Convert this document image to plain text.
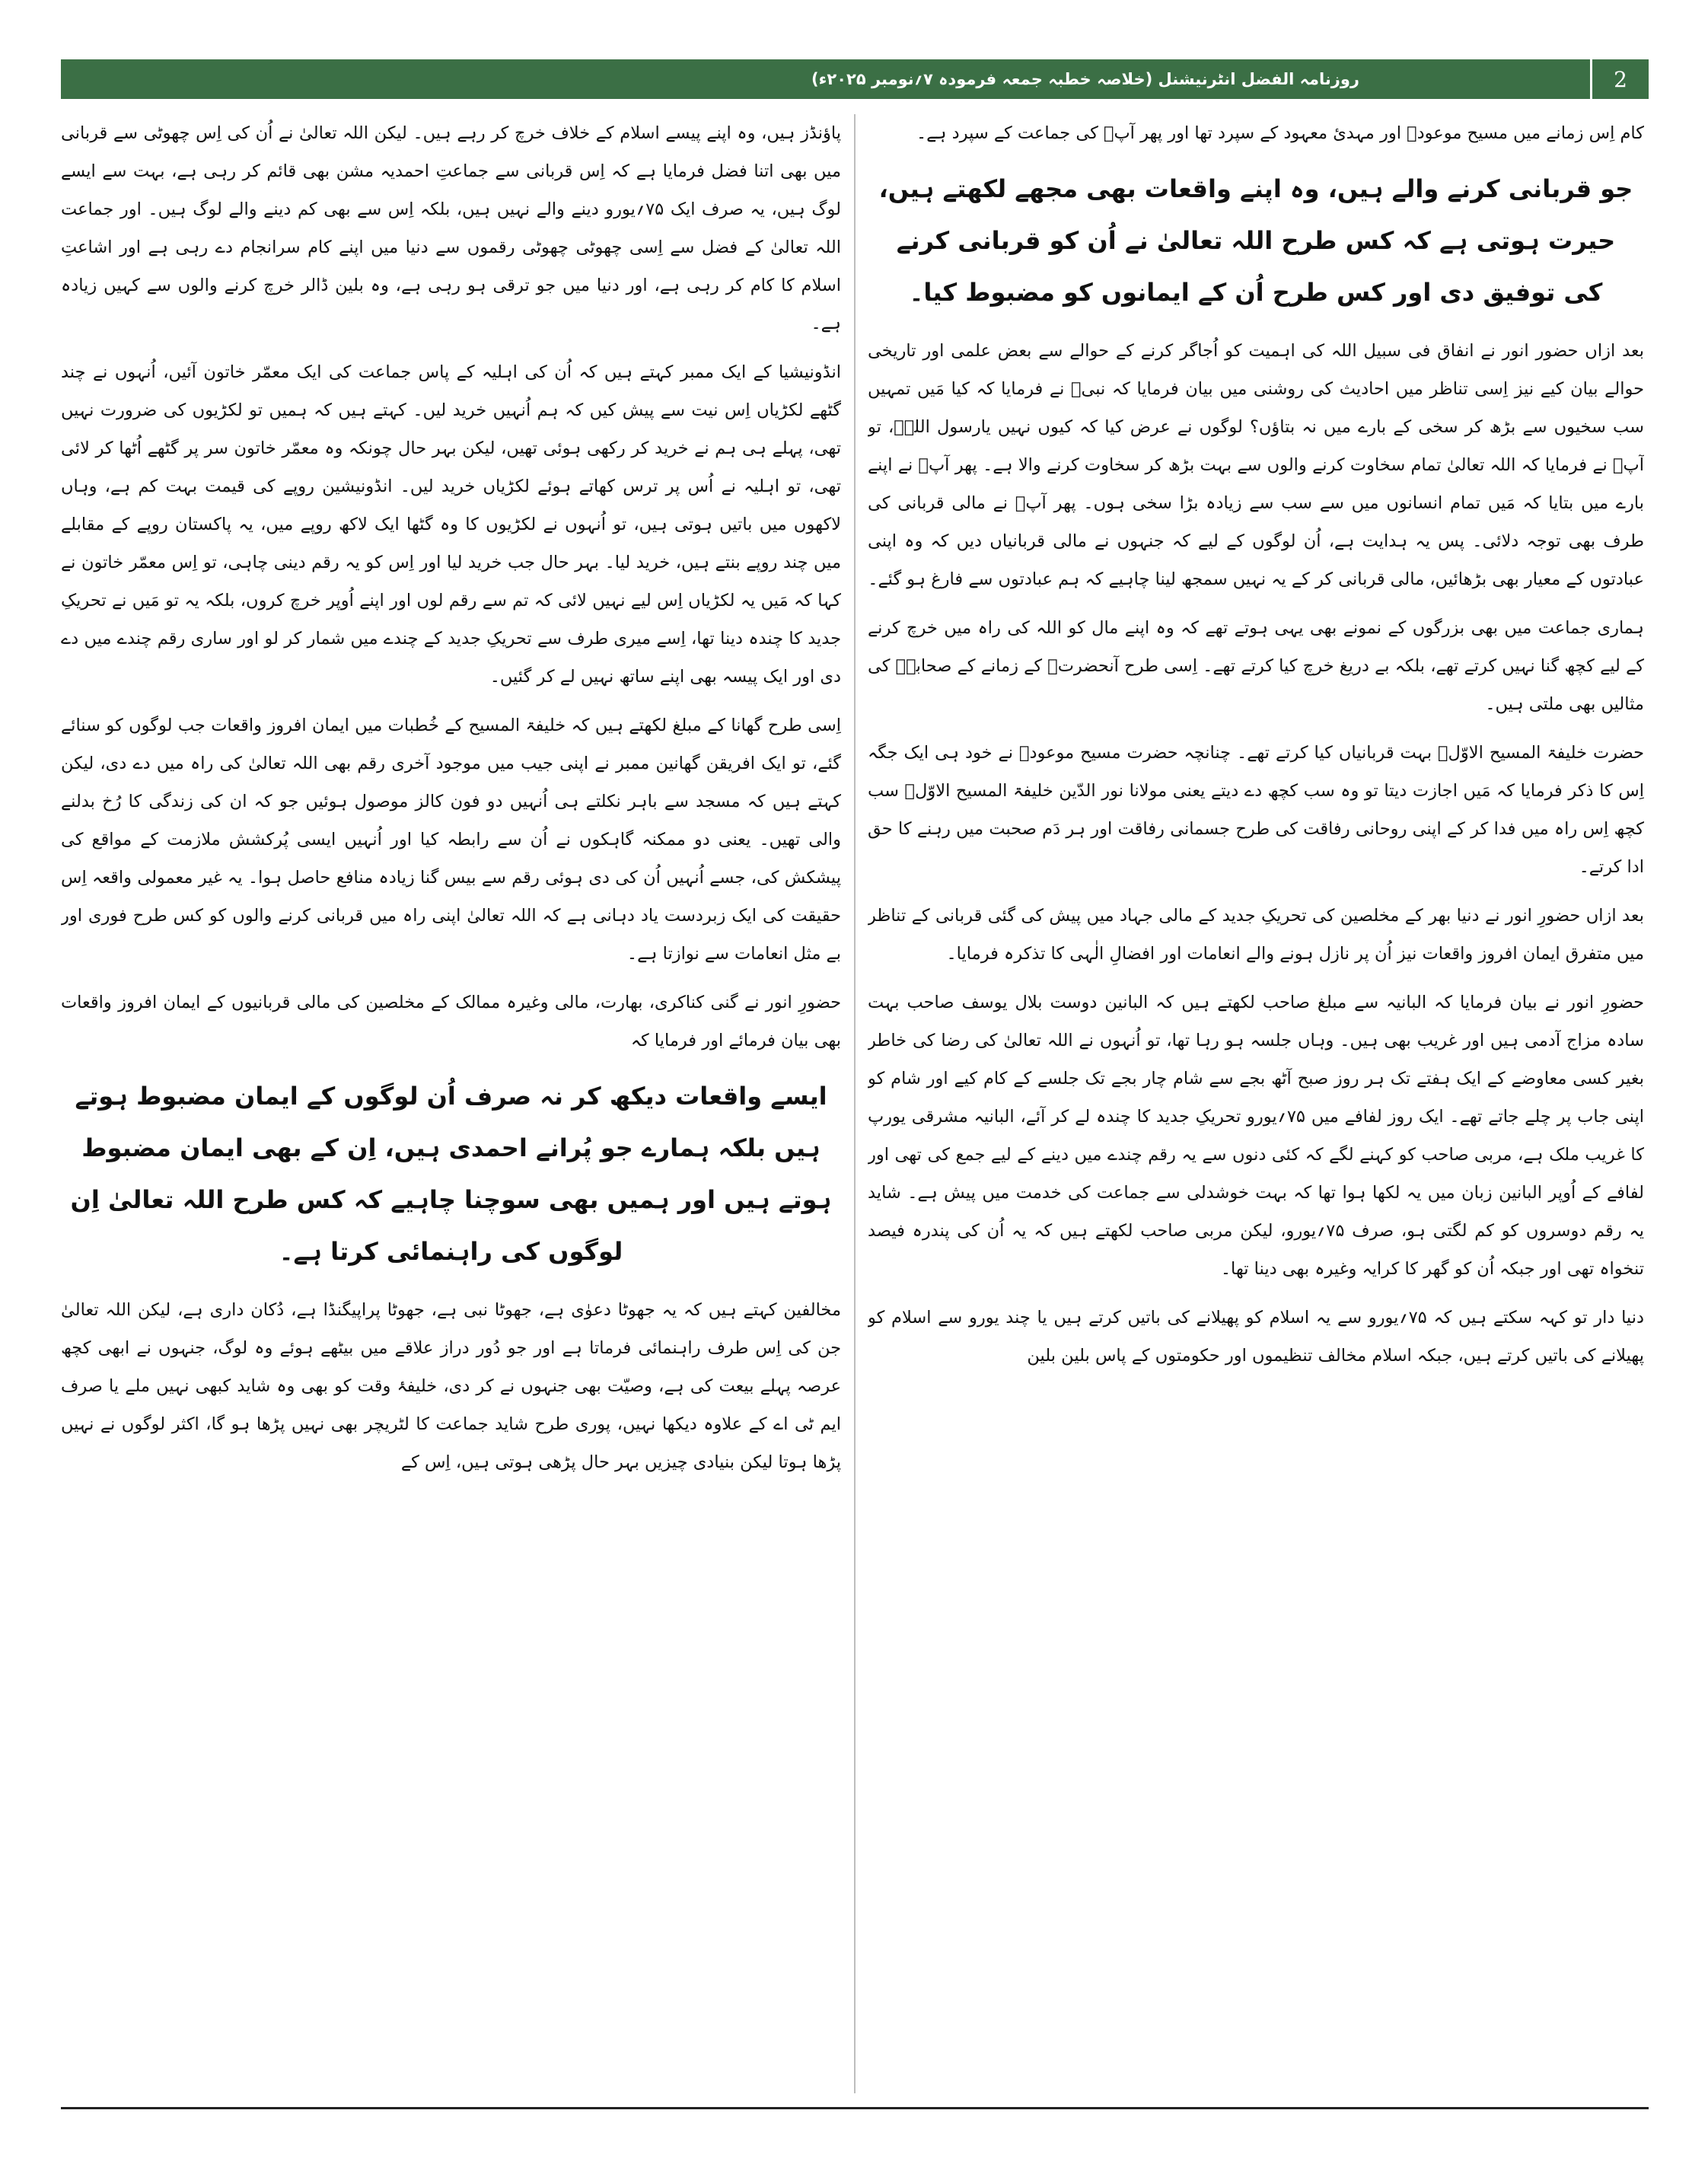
2
روزنامہ الفضل انٹرنیشنل (خلاصہ خطبہ جمعہ فرمودہ ۷؍نومبر ۲۰۲۵ء)

کام اِس زمانے میں مسیح موعودؑ اور مہدئ معہود کے سپرد تھا اور پھر آپؑ کی جماعت کے سپرد ہے۔

جو قربانی کرنے والے ہیں، وہ اپنے واقعات بھی مجھے لکھتے ہیں، حیرت ہوتی ہے کہ کس طرح اللہ تعالیٰ نے اُن کو قربانی کرنے کی توفیق دی اور کس طرح اُن کے ایمانوں کو مضبوط کیا۔

بعد ازاں حضور انور نے انفاق فی سبیل اللہ کی اہمیت کو اُجاگر کرنے کے حوالے سے بعض علمی اور تاریخی حوالے بیان کیے نیز اِسی تناظر میں احادیث کی روشنی میں بیان فرمایا کہ نبیؐ نے فرمایا کہ کیا مَیں تمہیں سب سخیوں سے بڑھ کر سخی کے بارے میں نہ بتاؤں؟ لوگوں نے عرض کیا کہ کیوں نہیں یارسول اللہؐ، تو آپؐ نے فرمایا کہ اللہ تعالیٰ تمام سخاوت کرنے والوں سے بہت بڑھ کر سخاوت کرنے والا ہے۔ پھر آپؐ نے اپنے بارے میں بتایا کہ مَیں تمام انسانوں میں سے سب سے زیادہ بڑا سخی ہوں۔ پھر آپؐ نے مالی قربانی کی طرف بھی توجہ دلائی۔ پس یہ ہدایت ہے، اُن لوگوں کے لیے کہ جنہوں نے مالی قربانیاں دیں کہ وہ اپنی عبادتوں کے معیار بھی بڑھائیں، مالی قربانی کر کے یہ نہیں سمجھ لینا چاہیے کہ ہم عبادتوں سے فارغ ہو گئے۔

ہماری جماعت میں بھی بزرگوں کے نمونے بھی یہی ہوتے تھے کہ وہ اپنے مال کو اللہ کی راہ میں خرچ کرنے کے لیے کچھ گنا نہیں کرتے تھے، بلکہ بے دریغ خرچ کیا کرتے تھے۔ اِسی طرح آنحضرتؐ کے زمانے کے صحابہؓ کی مثالیں بھی ملتی ہیں۔

حضرت خلیفۃ المسیح الاوّلؓ بہت قربانیاں کیا کرتے تھے۔ چنانچہ حضرت مسیح موعودؑ نے خود ہی ایک جگہ اِس کا ذکر فرمایا کہ مَیں اجازت دیتا تو وہ سب کچھ دے دیتے یعنی مولانا نور الدّین خلیفۃ المسیح الاوّلؓ سب کچھ اِس راہ میں فدا کر کے اپنی روحانی رفاقت کی طرح جسمانی رفاقت اور ہر دَم صحبت میں رہنے کا حق ادا کرتے۔

بعد ازاں حضورِ انور نے دنیا بھر کے مخلصین کی تحریکِ جدید کے مالی جہاد میں پیش کی گئی قربانی کے تناظر میں متفرق ایمان افروز واقعات نیز اُن پر نازل ہونے والے انعامات اور افضالِ الٰہی کا تذکرہ فرمایا۔

حضورِ انور نے بیان فرمایا کہ البانیہ سے مبلغ صاحب لکھتے ہیں کہ البانین دوست بلال یوسف صاحب بہت سادہ مزاج آدمی ہیں اور غریب بھی ہیں۔ وہاں جلسہ ہو رہا تھا، تو اُنہوں نے اللہ تعالیٰ کی رضا کی خاطر بغیر کسی معاوضے کے ایک ہفتے تک ہر روز صبح آٹھ بجے سے شام چار بجے تک جلسے کے کام کیے اور شام کو اپنی جاب پر چلے جاتے تھے۔ ایک روز لفافے میں ۷۵؍یورو تحریکِ جدید کا چندہ لے کر آئے، البانیہ مشرقی یورپ کا غریب ملک ہے، مربی صاحب کو کہنے لگے کہ کئی دنوں سے یہ رقم چندے میں دینے کے لیے جمع کی تھی اور لفافے کے اُوپر البانین زبان میں یہ لکھا ہوا تھا کہ بہت خوشدلی سے جماعت کی خدمت میں پیش ہے۔ شاید یہ رقم دوسروں کو کم لگتی ہو، صرف ۷۵؍یورو، لیکن مربی صاحب لکھتے ہیں کہ یہ اُن کی پندرہ فیصد تنخواہ تھی اور جبکہ اُن کو گھر کا کرایہ وغیرہ بھی دینا تھا۔

دنیا دار تو کہہ سکتے ہیں کہ ۷۵؍یورو سے یہ اسلام کو پھیلانے کی باتیں کرتے ہیں یا چند یورو سے اسلام کو پھیلانے کی باتیں کرتے ہیں، جبکہ اسلام مخالف تنظیموں اور حکومتوں کے پاس بلین بلین

پاؤنڈز ہیں، وہ اپنے پیسے اسلام کے خلاف خرچ کر رہے ہیں۔ لیکن اللہ تعالیٰ نے اُن کی اِس چھوٹی سے قربانی میں بھی اتنا فضل فرمایا ہے کہ اِس قربانی سے جماعتِ احمدیہ مشن بھی قائم کر رہی ہے، بہت سے ایسے لوگ ہیں، یہ صرف ایک ۷۵؍یورو دینے والے نہیں ہیں، بلکہ اِس سے بھی کم دینے والے لوگ ہیں۔ اور جماعت اللہ تعالیٰ کے فضل سے اِسی چھوٹی چھوٹی رقموں سے دنیا میں اپنے کام سرانجام دے رہی ہے اور اشاعتِ اسلام کا کام کر رہی ہے، اور دنیا میں جو ترقی ہو رہی ہے، وہ بلین ڈالر خرچ کرنے والوں سے کہیں زیادہ ہے۔

انڈونیشیا کے ایک ممبر کہتے ہیں کہ اُن کی اہلیہ کے پاس جماعت کی ایک معمّر خاتون آئیں، اُنہوں نے چند گٹھے لکڑیاں اِس نیت سے پیش کیں کہ ہم اُنہیں خرید لیں۔ کہتے ہیں کہ ہمیں تو لکڑیوں کی ضرورت نہیں تھی، پہلے ہی ہم نے خرید کر رکھی ہوئی تھیں، لیکن بہر حال چونکہ وہ معمّر خاتون سر پر گٹھے اُٹھا کر لائی تھی، تو اہلیہ نے اُس پر ترس کھاتے ہوئے لکڑیاں خرید لیں۔ انڈونیشین روپے کی قیمت بہت کم ہے، وہاں لاکھوں میں باتیں ہوتی ہیں، تو اُنہوں نے لکڑیوں کا وہ گٹھا ایک لاکھ روپے میں، یہ پاکستان روپے کے مقابلے میں چند روپے بنتے ہیں، خرید لیا۔ بہر حال جب خرید لیا اور اِس کو یہ رقم دینی چاہی، تو اِس معمّر خاتون نے کہا کہ مَیں یہ لکڑیاں اِس لیے نہیں لائی کہ تم سے رقم لوں اور اپنے اُوپر خرچ کروں، بلکہ یہ تو مَیں نے تحریکِ جدید کا چندہ دینا تھا، اِسے میری طرف سے تحریکِ جدید کے چندے میں شمار کر لو اور ساری رقم چندے میں دے دی اور ایک پیسہ بھی اپنے ساتھ نہیں لے کر گئیں۔

اِسی طرح گھانا کے مبلغ لکھتے ہیں کہ خلیفۃ المسیح کے خُطبات میں ایمان افروز واقعات جب لوگوں کو سنائے گئے، تو ایک افریقن گھانین ممبر نے اپنی جیب میں موجود آخری رقم بھی اللہ تعالیٰ کی راہ میں دے دی، لیکن کہتے ہیں کہ مسجد سے باہر نکلتے ہی اُنہیں دو فون کالز موصول ہوئیں جو کہ ان کی زندگی کا رُخ بدلنے والی تھیں۔ یعنی دو ممکنہ گاہکوں نے اُن سے رابطہ کیا اور اُنہیں ایسی پُرکشش ملازمت کے مواقع کی پیشکش کی، جسے اُنہیں اُن کی دی ہوئی رقم سے بیس گنا زیادہ منافع حاصل ہوا۔ یہ غیر معمولی واقعہ اِس حقیقت کی ایک زبردست یاد دہانی ہے کہ اللہ تعالیٰ اپنی راہ میں قربانی کرنے والوں کو کس طرح فوری اور بے مثل انعامات سے نوازتا ہے۔

حضورِ انور نے گنی کناکری، بھارت، مالی وغیرہ ممالک کے مخلصین کی مالی قربانیوں کے ایمان افروز واقعات بھی بیان فرمائے اور فرمایا کہ

ایسے واقعات دیکھ کر نہ صرف اُن لوگوں کے ایمان مضبوط ہوتے ہیں بلکہ ہمارے جو پُرانے احمدی ہیں، اِن کے بھی ایمان مضبوط ہوتے ہیں اور ہمیں بھی سوچنا چاہیے کہ کس طرح اللہ تعالیٰ اِن لوگوں کی راہنمائی کرتا ہے۔

مخالفین کہتے ہیں کہ یہ جھوٹا دعوٰی ہے، جھوٹا نبی ہے، جھوٹا پراپیگنڈا ہے، دُکان داری ہے، لیکن اللہ تعالیٰ جن کی اِس طرف راہنمائی فرماتا ہے اور جو دُور دراز علاقے میں بیٹھے ہوئے وہ لوگ، جنہوں نے ابھی کچھ عرصہ پہلے بیعت کی ہے، وصیّت بھی جنہوں نے کر دی، خلیفۂ وقت کو بھی وہ شاید کبھی نہیں ملے یا صرف ایم ٹی اے کے علاوہ دیکھا نہیں، پوری طرح شاید جماعت کا لٹریچر بھی نہیں پڑھا ہو گا، اکثر لوگوں نے نہیں پڑھا ہوتا لیکن بنیادی چیزیں بہر حال پڑھی ہوتی ہیں، اِس کے
